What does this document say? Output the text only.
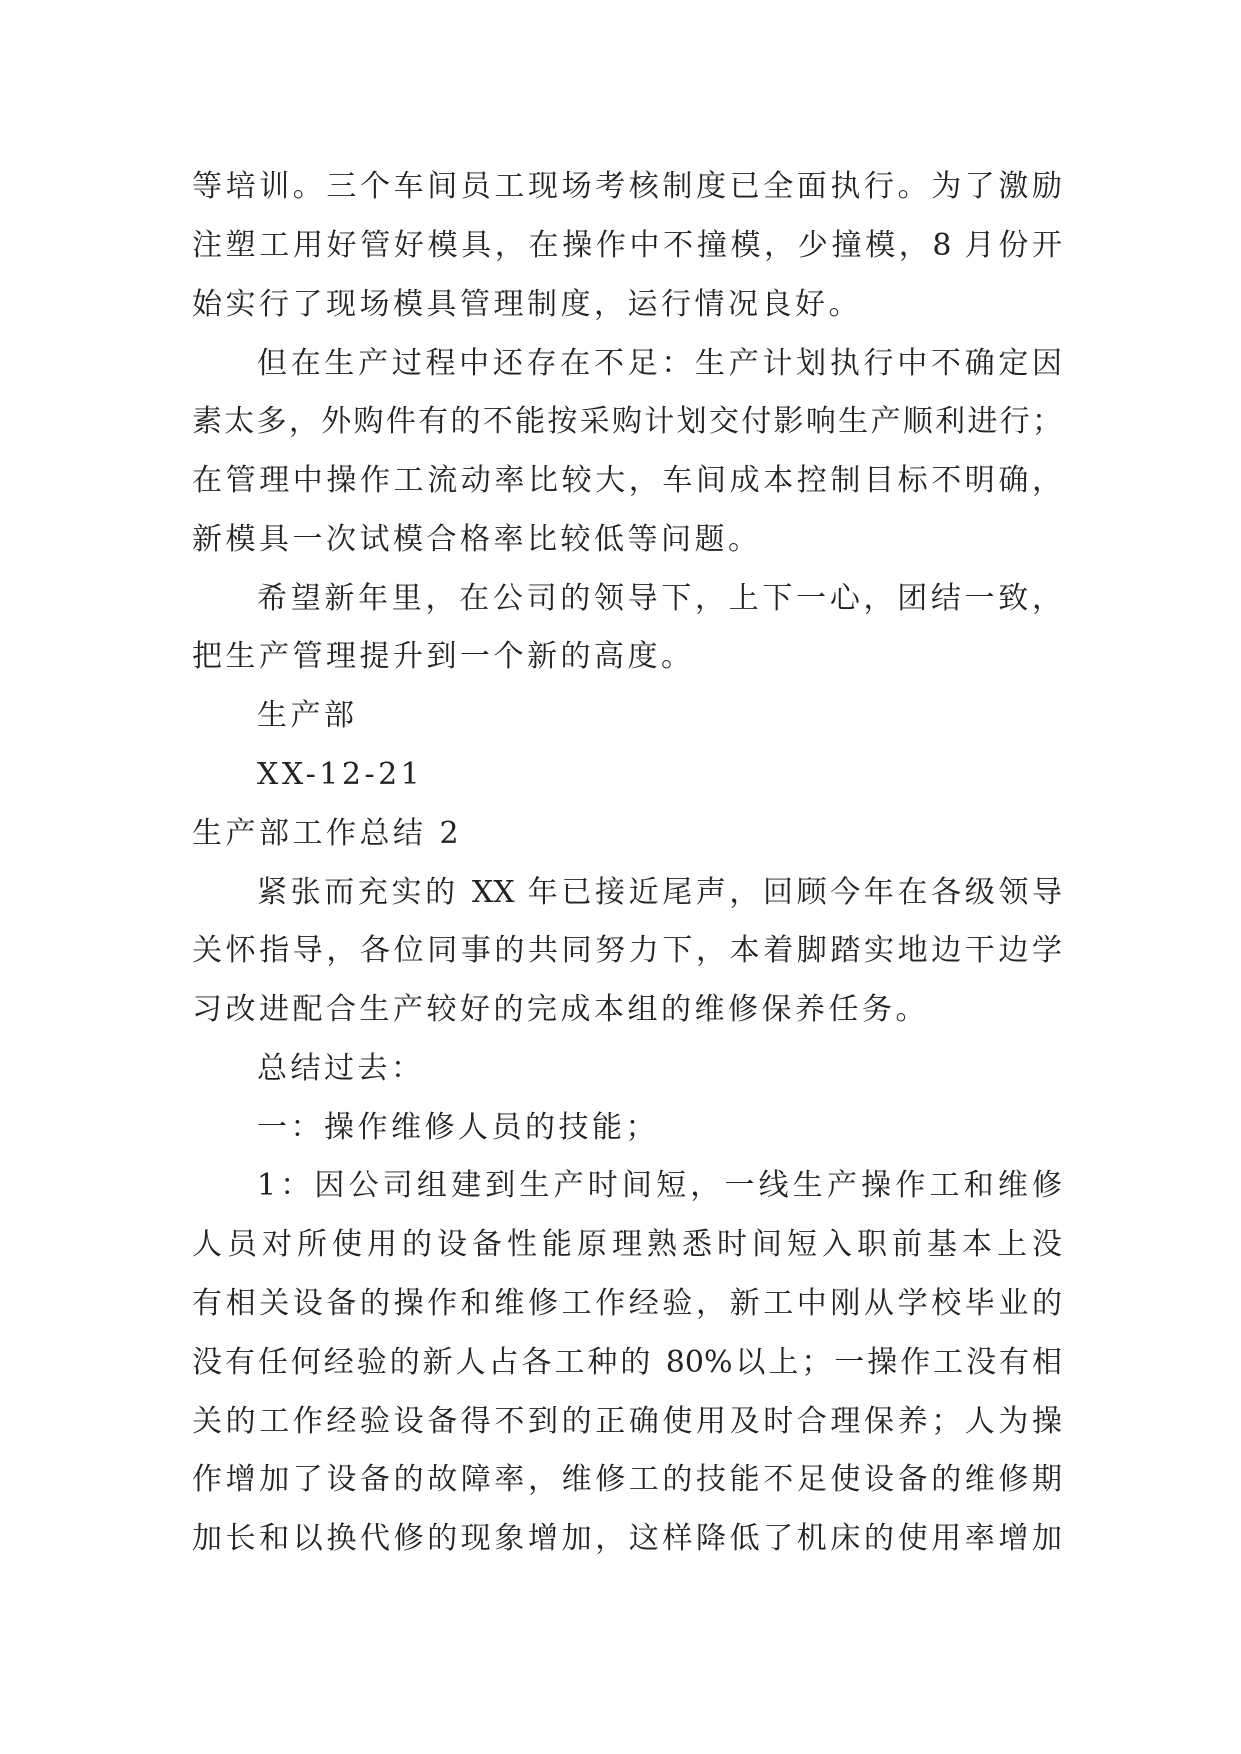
等培训。三个车间员工现场考核制度已全面执行。为了激励
注塑工用好管好模具，在操作中不撞模，少撞模，8 月份开
始实行了现场模具管理制度，运行情况良好。
但在生产过程中还存在不足：生产计划执行中不确定因
素太多，外购件有的不能按采购计划交付影响生产顺利进行；
在管理中操作工流动率比较大，车间成本控制目标不明确，
新模具一次试模合格率比较低等问题。
希望新年里，在公司的领导下，上下一心，团结一致，
把生产管理提升到一个新的高度。
生产部
XX-12-21
生产部工作总结 2
紧张而充实的 XX 年已接近尾声，回顾今年在各级领导
关怀指导，各位同事的共同努力下，本着脚踏实地边干边学
习改进配合生产较好的完成本组的维修保养任务。
总结过去：
一：操作维修人员的技能；
1：因公司组建到生产时间短，一线生产操作工和维修
人员对所使用的设备性能原理熟悉时间短入职前基本上没
有相关设备的操作和维修工作经验，新工中刚从学校毕业的
没有任何经验的新人占各工种的 80%以上；一操作工没有相
关的工作经验设备得不到的正确使用及时合理保养；人为操
作增加了设备的故障率，维修工的技能不足使设备的维修期
加长和以换代修的现象增加，这样降低了机床的使用率增加
